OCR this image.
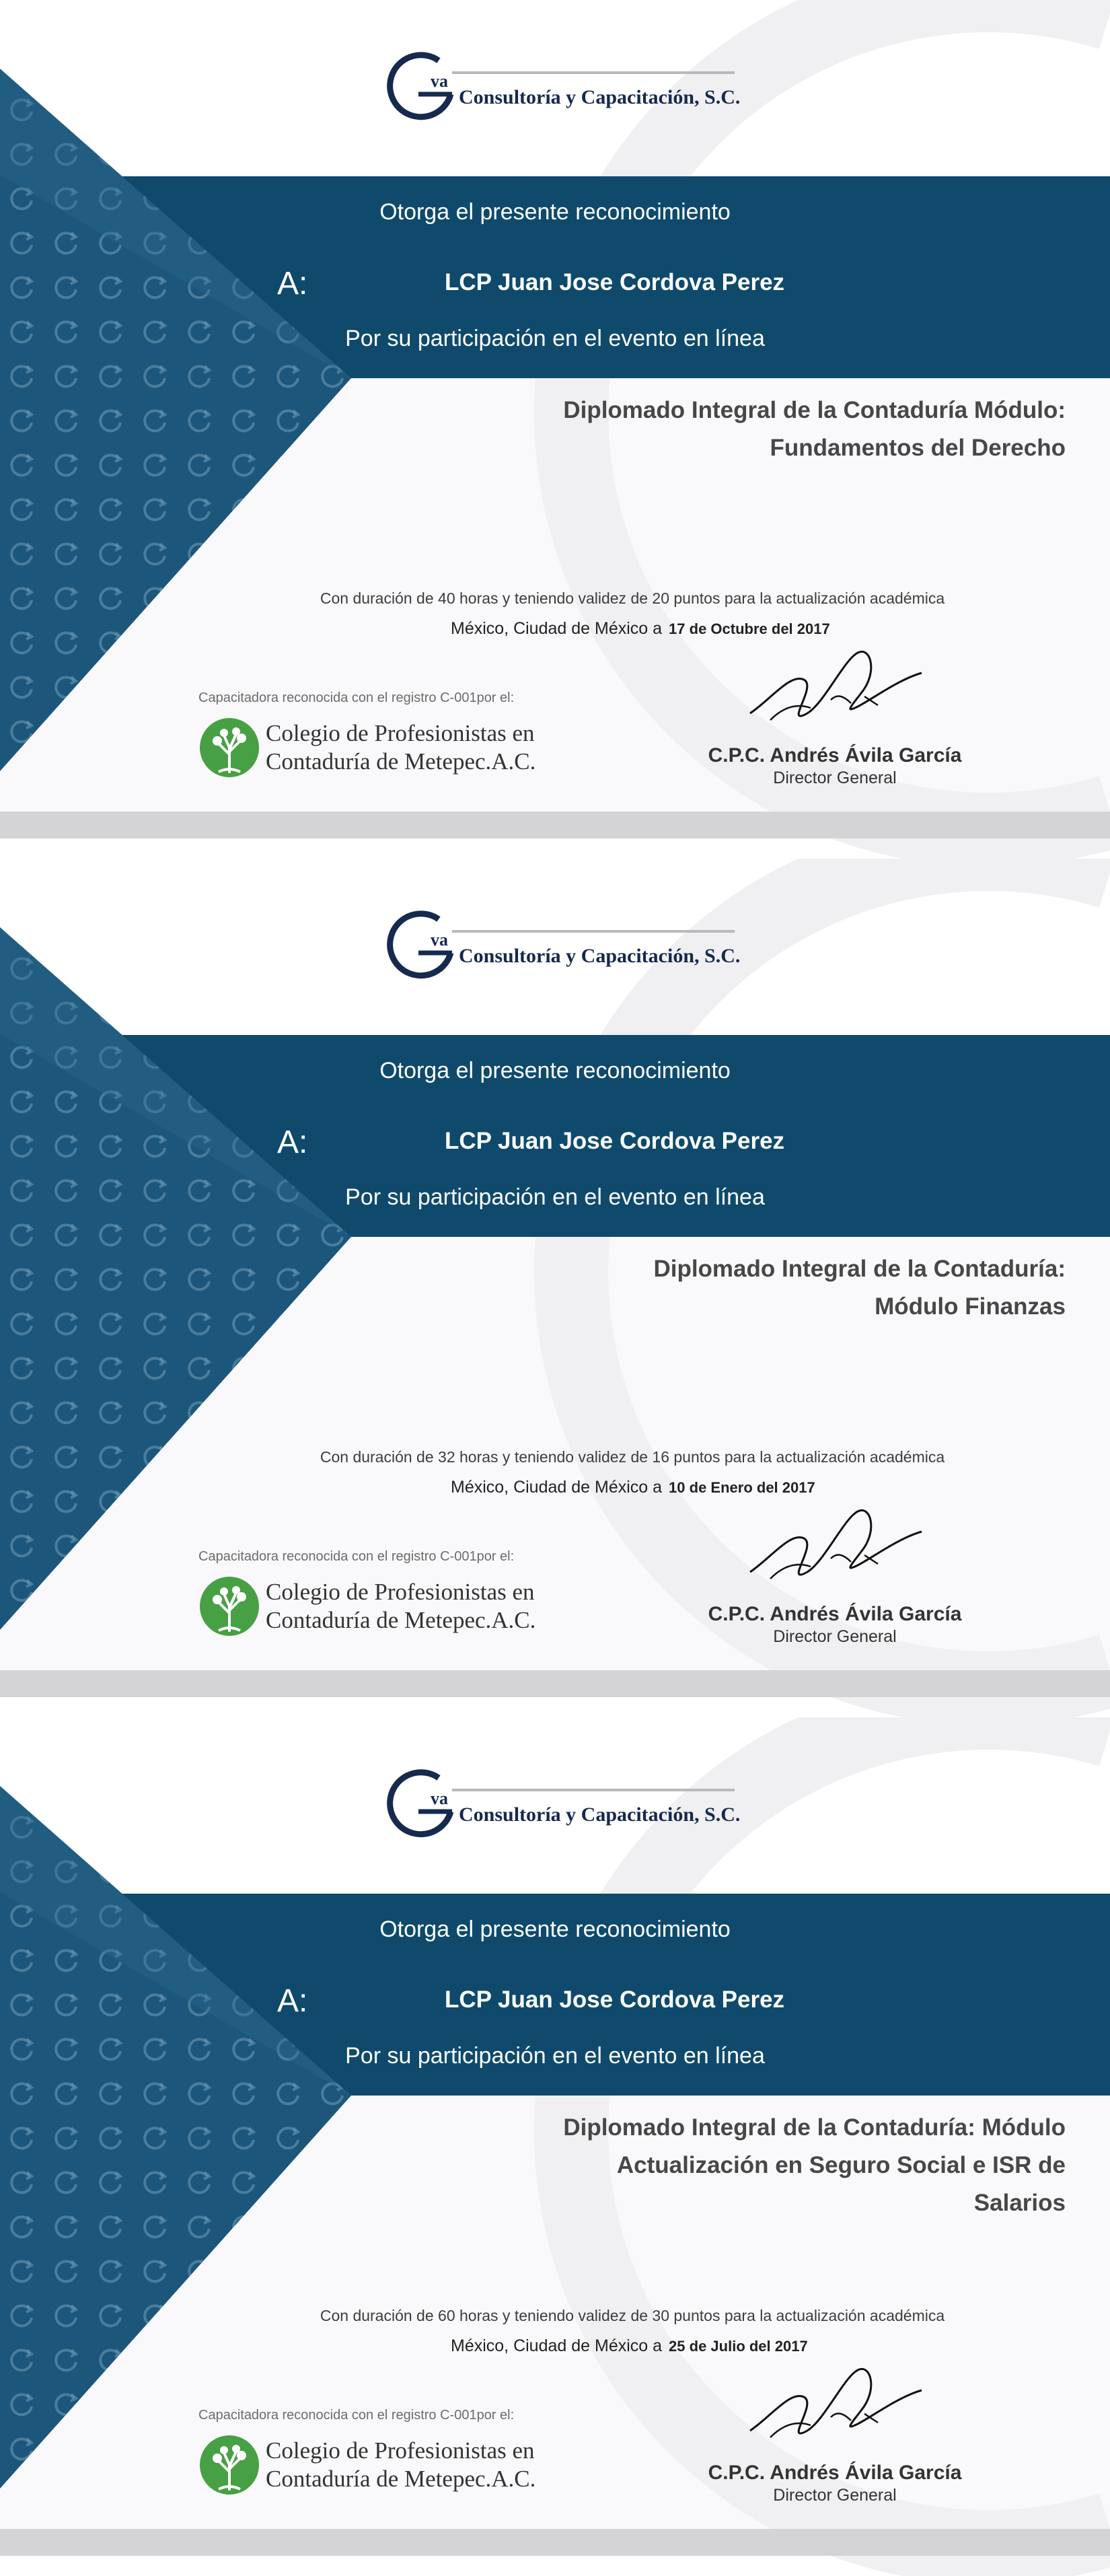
va
Consultoría y Capacitación, S.C.
Otorga el presente reconocimiento
A:	LCP Juan Jose Cordova Perez
Por su participación en el evento en línea
Diplomado Integral de la Contaduría Módulo:
Fundamentos del Derecho
Con duración de 40 horas y teniendo validez de 20 puntos para la actualización académica
México, Ciudad de México a 17 de Octubre del 2017
Capacitadora reconocida con el registro C-001por el:
Colegio de Profesionistas en
Contaduría de Metepec.A.C.	C.P.C. Andrés Ávila García
Director General
va
Consultoría y Capacitación, S.C.
Otorga el presente reconocimiento
A:	LCP Juan Jose Cordova Perez
Por su participación en el evento en línea
Diplomado Integral de la Contaduría:
Módulo Finanzas
Con duración de 32 horas y teniendo validez de 16 puntos para la actualización académica
México, Ciudad de México a 10 de Enero del 2017
Capacitadora reconocida con el registro C-001por el:
Colegio de Profesionistas en
Contaduría de Metepec.A.C.	C.P.C. Andrés Ávila García
Director General
va
Consultoría y Capacitación, S.C.
Otorga el presente reconocimiento
A:	LCP Juan Jose Cordova Perez
Por su participación en el evento en línea
Diplomado Integral de la Contaduría: Módulo
Actualización en Seguro Social e ISR de
Salarios
Con duración de 60 horas y teniendo validez de 30 puntos para la actualización académica
México, Ciudad de México a 25 de Julio del 2017
Capacitadora reconocida con el registro C-001por el:
Colegio de Profesionistas en
Contaduría de Metepec.A.C.	C.P.C. Andrés Ávila García
Director General
